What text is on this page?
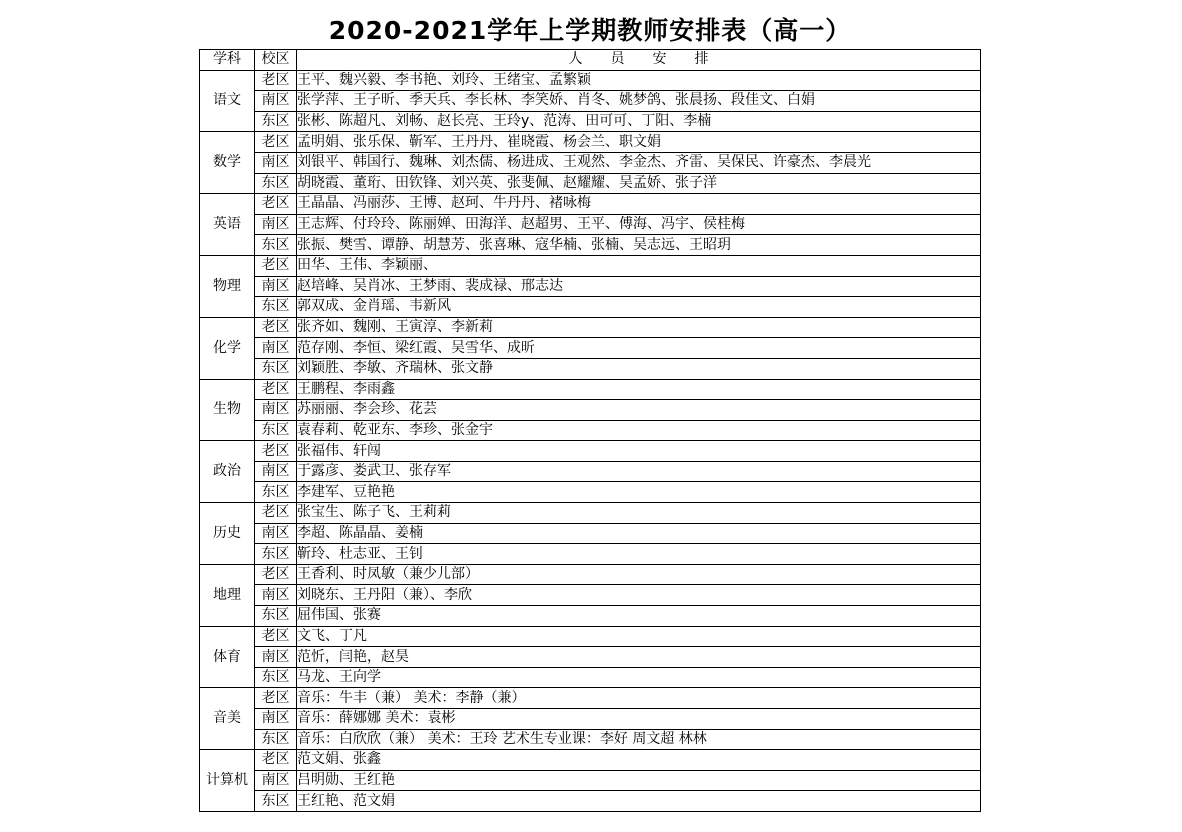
2020-2021学年上学期教师安排表（高一）
学科	校区	人　　员　　安　　排
语文	老区	王平、魏兴毅、李书艳、刘玲、王绪宝、孟繁颖
	南区	张学萍、王子昕、季天兵、李长林、李笑娇、肖冬、姚梦鸽、张晨扬、段佳文、白娟
	东区	张彬、陈超凡、刘畅、赵长亮、王玲y、范涛、田可可、丁阳、李楠
数学	老区	孟明娟、张乐保、靳军、王丹丹、崔晓霞、杨会兰、职文娟
	南区	刘银平、韩国行、魏琳、刘杰儒、杨进成、王观然、李金杰、齐雷、吴保民、许豪杰、李晨光
	东区	胡晓霞、董珩、田钦锋、刘兴英、张斐佩、赵耀耀、吴孟娇、张子洋
英语	老区	王晶晶、冯丽莎、王博、赵珂、牛丹丹、褚咏梅
	南区	王志辉、付玲玲、陈丽婵、田海洋、赵超男、王平、傅海、冯宇、侯桂梅
	东区	张振、樊雪、谭静、胡慧芳、张喜琳、寇华楠、张楠、吴志远、王昭玥
物理	老区	田华、王伟、李颖丽、
	南区	赵培峰、吴肖冰、王梦雨、裴成禄、邢志达
	东区	郭双成、金肖瑶、韦新风
化学	老区	张齐如、魏刚、王寅淳、李新莉
	南区	范存刚、李恒、梁红霞、吴雪华、成昕
	东区	刘颖胜、李敏、齐瑞林、张文静
生物	老区	王鹏程、李雨鑫
	南区	苏丽丽、李会珍、花芸
	东区	袁春莉、乾亚东、李珍、张金宇
政治	老区	张福伟、轩闯
	南区	于露彦、娄武卫、张存军
	东区	李建军、豆艳艳
历史	老区	张宝生、陈子飞、王莉莉
	南区	李超、陈晶晶、姜楠
	东区	靳玲、杜志亚、王钊
地理	老区	王香利、时凤敏（兼少儿部）
	南区	刘晓东、王丹阳（兼）、李欣
	东区	屈伟国、张赛
体育	老区	文飞、丁凡
	南区	范忻，闫艳，赵昊
	东区	马龙、王向学
音美	老区	音乐：牛丰（兼） 美术：李静（兼）
	南区	音乐：薛娜娜 美术：袁彬
	东区	音乐：白欣欣（兼） 美术：王玲 艺术生专业课：李好 周文超 林林
计算机	老区	范文娟、张鑫
	南区	吕明勋、王红艳
	东区	王红艳、范文娟
